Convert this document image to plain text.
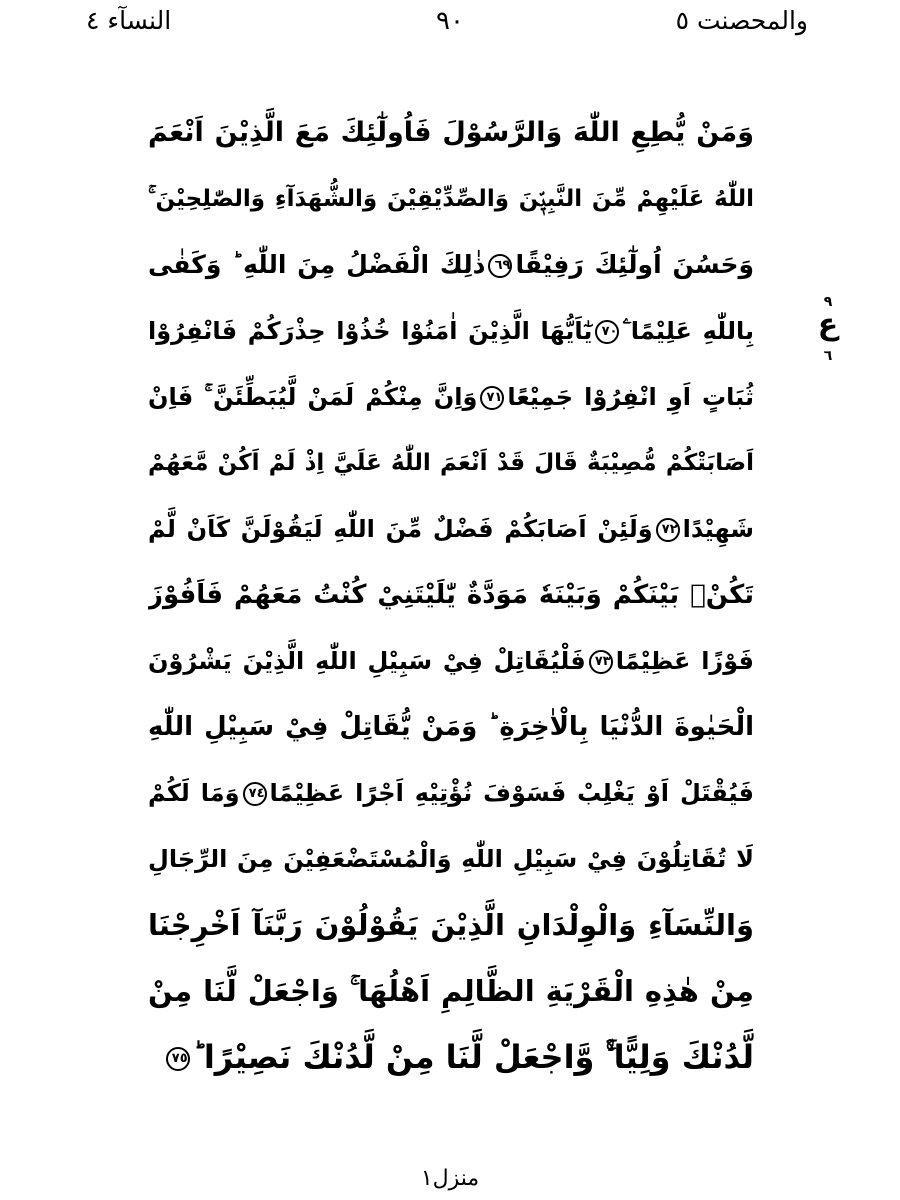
النسآء ٤	٩٠	والمحصنت ٥
٩
ع
٦
وَمَنْ يُّطِعِ اللّٰهَ وَالرَّسُوْلَ فَاُولٰٓئِكَ مَعَ الَّذِيْنَ اَنْعَمَ
اللّٰهُ عَلَيْهِمْ مِّنَ النَّبِيّٖنَ وَالصِّدِّيْقِيْنَ وَالشُّهَدَآءِ وَالصّٰلِحِيْنَ ۚ
وَحَسُنَ اُولٰٓئِكَ رَفِيْقًا٦٩ذٰلِكَ الْفَضْلُ مِنَ اللّٰهِ ؕ وَكَفٰى
بِاللّٰهِ عَلِيْمًا ۧ٧٠يٰٓاَيُّهَا الَّذِيْنَ اٰمَنُوْا خُذُوْا حِذْرَكُمْ فَانْفِرُوْا
ثُبَاتٍ اَوِ انْفِرُوْا جَمِيْعًا٧١وَاِنَّ مِنْكُمْ لَمَنْ لَّيُبَطِّئَنَّ ۚ فَاِنْ
اَصَابَتْكُمْ مُّصِيْبَةٌ قَالَ قَدْ اَنْعَمَ اللّٰهُ عَلَيَّ اِذْ لَمْ اَكُنْ مَّعَهُمْ
شَهِيْدًا٧٢وَلَئِنْ اَصَابَكُمْ فَضْلٌ مِّنَ اللّٰهِ لَيَقُوْلَنَّ كَاَنْ لَّمْ
تَكُنْۢ بَيْنَكُمْ وَبَيْنَهٗ مَوَدَّةٌ يّٰلَيْتَنِيْ كُنْتُ مَعَهُمْ فَاَفُوْزَ
فَوْزًا عَظِيْمًا٧٣فَلْيُقَاتِلْ فِيْ سَبِيْلِ اللّٰهِ الَّذِيْنَ يَشْرُوْنَ
الْحَيٰوةَ الدُّنْيَا بِالْاٰخِرَةِ ؕ وَمَنْ يُّقَاتِلْ فِيْ سَبِيْلِ اللّٰهِ
فَيُقْتَلْ اَوْ يَغْلِبْ فَسَوْفَ نُؤْتِيْهِ اَجْرًا عَظِيْمًا٧٤وَمَا لَكُمْ
لَا تُقَاتِلُوْنَ فِيْ سَبِيْلِ اللّٰهِ وَالْمُسْتَضْعَفِيْنَ مِنَ الرِّجَالِ
وَالنِّسَآءِ وَالْوِلْدَانِ الَّذِيْنَ يَقُوْلُوْنَ رَبَّنَآ اَخْرِجْنَا
مِنْ هٰذِهِ الْقَرْيَةِ الظَّالِمِ اَهْلُهَا ۚ وَاجْعَلْ لَّنَا مِنْ
لَّدُنْكَ وَلِيًّا ۙۚ وَّاجْعَلْ لَّنَا مِنْ لَّدُنْكَ نَصِيْرًا ؕ٧٥
منزل١
